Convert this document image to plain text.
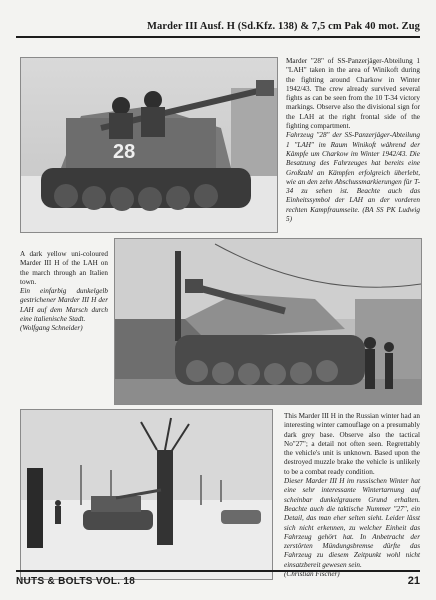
Marder III Ausf. H (Sd.Kfz. 138) & 7,5 cm Pak 40 mot. Zug
28
Marder "28" of SS-Panzerjäger-Abteilung 1 "LAH" taken in the area of Winikoft during the fighting around Charkow in Winter 1942/43. The crew already survived several fights as can be seen from the 10 T-34 victory markings. Observe also the divisional sign for the LAH at the right frontal side of the fighting compartment.
Fahrzeug "28" der SS-Panzerjäger-Abteilung 1 "LAH" im Raum Winikoft während der Kämpfe um Charkow im Winter 1942/43. Die Besatzung des Fahrzeuges hat bereits eine Großzahl an Kämpfen erfolgreich überlebt, wie an den zehn Abschussmarkierungen für T-34 zu sehen ist. Beachte auch das Einheitssymbol der LAH an der vorderen rechten Kampfraumseite. (BA SS PK Ludwig 5)
A dark yellow uni-coloured Marder III H of the LAH on the march through an Italien town.
Ein einfarbig dunkelgelb gestrichener Marder III H der LAH auf dem Marsch durch eine italienische Stadt.
(Wolfgang Schneider)
This Marder III H in the Russian winter had an interesting winter camouflage on a presumably dark grey base. Observe also the tactical No"27"; a detail not often seen. Regrettably the vehicle's unit is unknown. Based upon the destroyed muzzle brake the vehicle is unlikely to be a combat ready condition.
Dieser Marder III H im russischen Winter hat eine sehr interessante Wintertarnung auf scheinbar dunkelgrauem Grund erhalten. Beachte auch die taktische Nummer "27", ein Detail, das man eher selten sieht. Leider lässt sich nicht erkennen, zu welcher Einheit das Fahrzeug gehört hat. In Anbetracht der zerstörten Mündungsbremse dürfte das Fahrzeug zu diesem Zeitpunkt wohl nicht einsatzbereit gewesen sein.
(Christian Fischer)
NUTS & BOLTS VOL. 18	21
